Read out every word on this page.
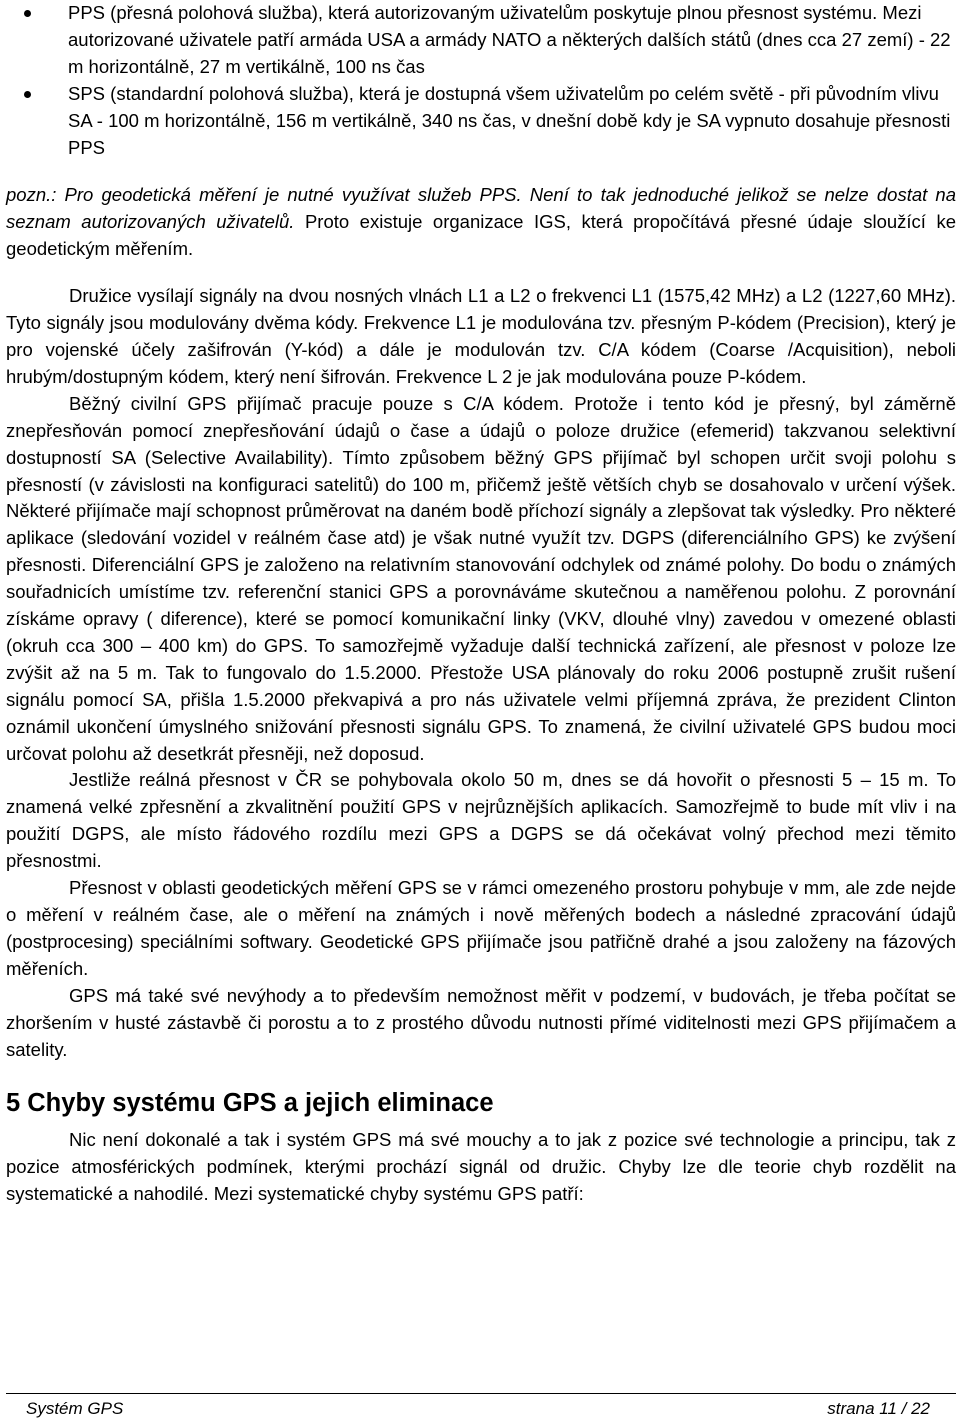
PPS (přesná polohová služba), která autorizovaným uživatelům poskytuje plnou přesnost systému. Mezi autorizované uživatele patří armáda USA a armády NATO a některých dalších států (dnes cca 27 zemí) - 22 m horizontálně, 27 m vertikálně, 100 ns čas
SPS (standardní polohová služba), která je dostupná všem uživatelům po celém světě - při původním vlivu SA - 100 m horizontálně, 156 m vertikálně, 340 ns čas, v dnešní době kdy je SA vypnuto dosahuje přesnosti PPS

pozn.: Pro geodetická měření je nutné využívat služeb PPS. Není to tak jednoduché jelikož se nelze dostat na seznam autorizovaných uživatelů. Proto existuje organizace IGS, která propočítává přesné údaje sloužící ke geodetickým měřením.

Družice vysílají signály na dvou nosných vlnách L1 a L2 o frekvenci L1 (1575,42 MHz) a L2 (1227,60 MHz). Tyto signály jsou modulovány dvěma kódy. Frekvence L1 je modulována tzv. přesným P-kódem (Precision), který je pro vojenské účely zašifrován (Y-kód) a dále je modulován tzv. C/A kódem (Coarse /Acquisition), neboli hrubým/dostupným kódem, který není šifrován. Frekvence L 2 je jak modulována pouze P-kódem.

Běžný civilní GPS přijímač pracuje pouze s C/A kódem. Protože i tento kód je přesný, byl záměrně znepřesňován pomocí znepřesňování údajů o čase a údajů o poloze družice (efemerid) takzvanou selektivní dostupností SA (Selective Availability). Tímto způsobem běžný GPS přijímač byl schopen určit svoji polohu s přesností (v závislosti na konfiguraci satelitů) do 100 m, přičemž ještě větších chyb se dosahovalo v určení výšek. Některé přijímače mají schopnost průměrovat na daném bodě příchozí signály a zlepšovat tak výsledky. Pro některé aplikace (sledování vozidel v reálném čase atd) je však nutné využít tzv. DGPS (diferenciálního GPS) ke zvýšení přesnosti. Diferenciální GPS je založeno na relativním stanovování odchylek od známé polohy. Do bodu o známých souřadnicích umístíme tzv. referenční stanici GPS a porovnáváme skutečnou a naměřenou polohu. Z porovnání získáme opravy ( diference), které se pomocí komunikační linky (VKV, dlouhé vlny) zavedou v omezené oblasti (okruh cca 300 – 400 km) do GPS. To samozřejmě vyžaduje další technická zařízení, ale přesnost v poloze lze zvýšit až na 5 m. Tak to fungovalo do 1.5.2000. Přestože USA plánovaly do roku 2006 postupně zrušit rušení signálu pomocí SA, přišla 1.5.2000 překvapivá a pro nás uživatele velmi příjemná zpráva, že prezident Clinton oznámil ukončení úmyslného snižování přesnosti signálu GPS. To znamená, že civilní uživatelé GPS budou moci určovat polohu až desetkrát přesněji, než doposud.

Jestliže reálná přesnost v ČR se pohybovala okolo 50 m, dnes se dá hovořit o přesnosti 5 – 15 m. To znamená velké zpřesnění a zkvalitnění použití GPS v nejrůznějších aplikacích. Samozřejmě to bude mít vliv i na použití DGPS, ale místo řádového rozdílu mezi GPS a DGPS se dá očekávat volný přechod mezi těmito přesnostmi.

Přesnost v oblasti geodetických měření GPS se v rámci omezeného prostoru pohybuje v mm, ale zde nejde o měření v reálném čase, ale o měření na známých i nově měřených bodech a následné zpracování údajů (postprocesing) speciálními softwary. Geodetické GPS přijímače jsou patřičně drahé a jsou založeny na fázových měřeních.

GPS má také své nevýhody a to především nemožnost měřit v podzemí, v budovách, je třeba počítat se zhoršením v husté zástavbě či porostu a to z prostého důvodu nutnosti přímé viditelnosti mezi GPS přijímačem a satelity.

5 Chyby systému GPS a jejich eliminace

Nic není dokonalé a tak i systém GPS má své mouchy a to jak z pozice své technologie a principu, tak z pozice atmosférických podmínek, kterými prochází signál od družic. Chyby lze dle teorie chyb rozdělit na systematické a nahodilé. Mezi systematické chyby systému GPS patří:

Systém GPS	strana 11 / 22
